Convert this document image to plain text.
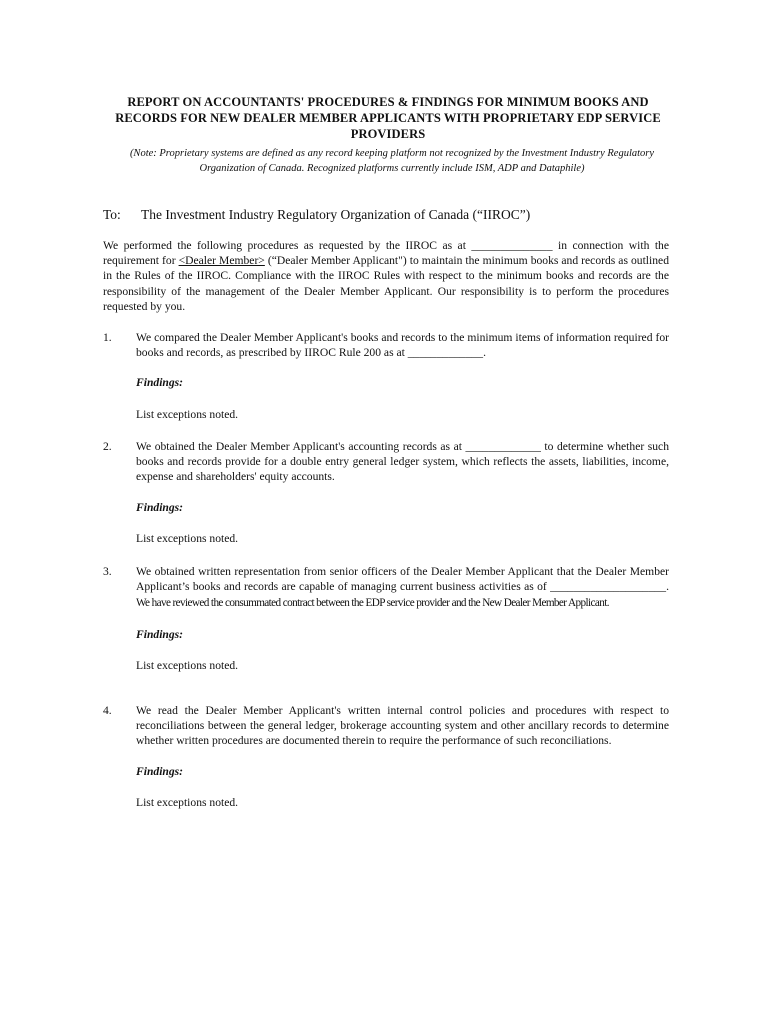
REPORT ON ACCOUNTANTS' PROCEDURES & FINDINGS FOR MINIMUM BOOKS AND RECORDS FOR NEW DEALER MEMBER APPLICANTS WITH PROPRIETARY EDP SERVICE PROVIDERS
(Note: Proprietary systems are defined as any record keeping platform not recognized by the Investment Industry Regulatory Organization of Canada. Recognized platforms currently include ISM, ADP and Dataphile)
To: The Investment Industry Regulatory Organization of Canada (“IIROC”)
We performed the following procedures as requested by the IIROC as at ______________ in connection with the requirement for <Dealer Member> (“Dealer Member Applicant") to maintain the minimum books and records as outlined in the Rules of the IIROC. Compliance with the IIROC Rules with respect to the minimum books and records are the responsibility of the management of the Dealer Member Applicant. Our responsibility is to perform the procedures requested by you.
1. We compared the Dealer Member Applicant's books and records to the minimum items of information required for books and records, as prescribed by IIROC Rule 200 as at _____________.
Findings:
List exceptions noted.
2. We obtained the Dealer Member Applicant's accounting records as at _____________ to determine whether such books and records provide for a double entry general ledger system, which reflects the assets, liabilities, income, expense and shareholders' equity accounts.
Findings:
List exceptions noted.
3. We obtained written representation from senior officers of the Dealer Member Applicant that the Dealer Member Applicant’s books and records are capable of managing current business activities as of ____________________. We have reviewed the consummated contract between the EDP service provider and the New Dealer Member Applicant.
Findings:
List exceptions noted.
4. We read the Dealer Member Applicant's written internal control policies and procedures with respect to reconciliations between the general ledger, brokerage accounting system and other ancillary records to determine whether written procedures are documented therein to require the performance of such reconciliations.
Findings:
List exceptions noted.
